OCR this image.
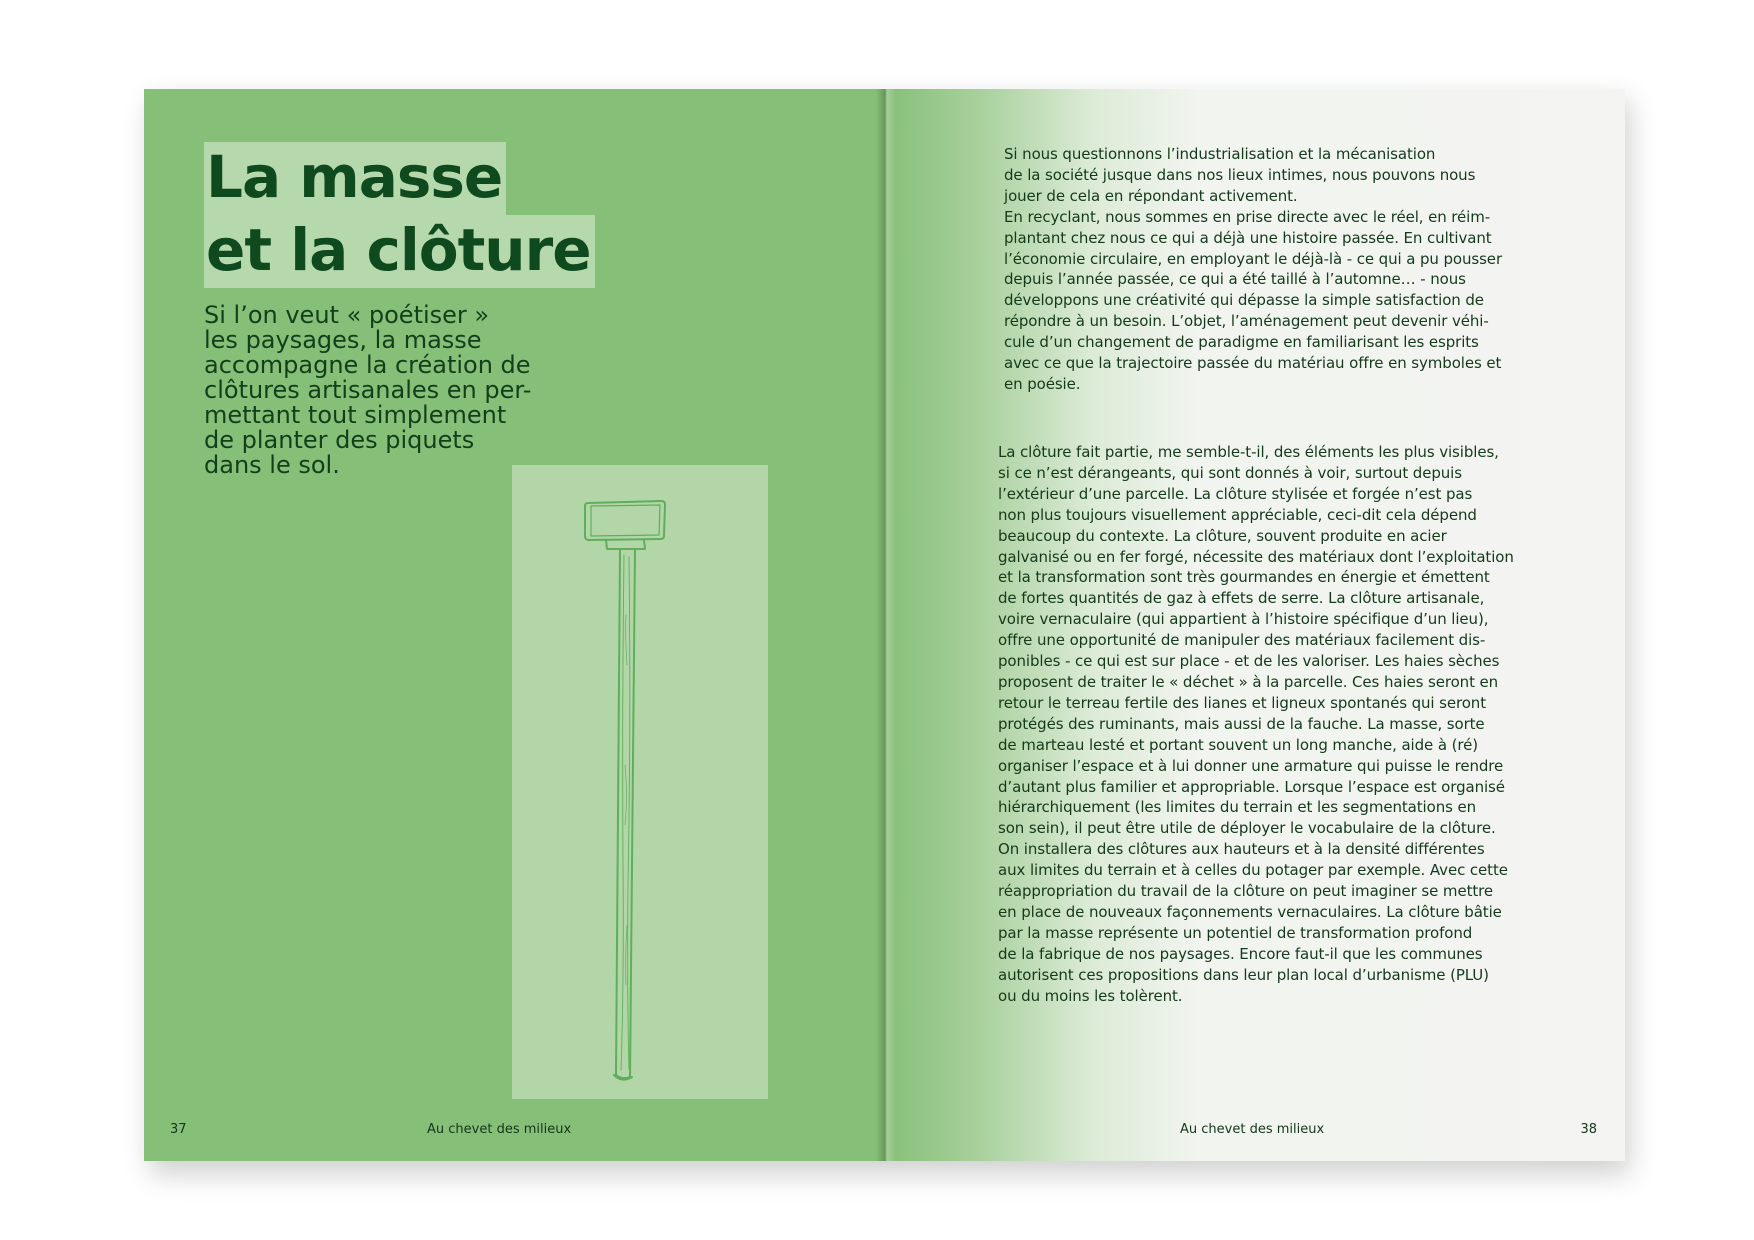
La masse
et la clôture

Si l’on veut « poétiser »
les paysages, la masse
accompagne la création de
clôtures artisanales en per-
mettant tout simplement
de planter des piquets
dans le sol.

37	Au chevet des milieux

Si nous questionnons l’industrialisation et la mécanisation
de la société jusque dans nos lieux intimes, nous pouvons nous
jouer de cela en répondant activement.
En recyclant, nous sommes en prise directe avec le réel, en réim-
plantant chez nous ce qui a déjà une histoire passée. En cultivant
l’économie circulaire, en employant le déjà-là - ce qui a pu pousser
depuis l’année passée, ce qui a été taillé à l’automne… - nous
développons une créativité qui dépasse la simple satisfaction de
répondre à un besoin. L’objet, l’aménagement peut devenir véhi-
cule d’un changement de paradigme en familiarisant les esprits
avec ce que la trajectoire passée du matériau offre en symboles et
en poésie.

La clôture fait partie, me semble-t-il, des éléments les plus visibles,
si ce n’est dérangeants, qui sont donnés à voir, surtout depuis
l’extérieur d’une parcelle. La clôture stylisée et forgée n’est pas
non plus toujours visuellement appréciable, ceci-dit cela dépend
beaucoup du contexte. La clôture, souvent produite en acier
galvanisé ou en fer forgé, nécessite des matériaux dont l’exploitation
et la transformation sont très gourmandes en énergie et émettent
de fortes quantités de gaz à effets de serre. La clôture artisanale,
voire vernaculaire (qui appartient à l’histoire spécifique d’un lieu),
offre une opportunité de manipuler des matériaux facilement dis-
ponibles - ce qui est sur place - et de les valoriser. Les haies sèches
proposent de traiter le « déchet » à la parcelle. Ces haies seront en
retour le terreau fertile des lianes et ligneux spontanés qui seront
protégés des ruminants, mais aussi de la fauche. La masse, sorte
de marteau lesté et portant souvent un long manche, aide à (ré)
organiser l’espace et à lui donner une armature qui puisse le rendre
d’autant plus familier et appropriable. Lorsque l’espace est organisé
hiérarchiquement (les limites du terrain et les segmentations en
son sein), il peut être utile de déployer le vocabulaire de la clôture.
On installera des clôtures aux hauteurs et à la densité différentes
aux limites du terrain et à celles du potager par exemple. Avec cette
réappropriation du travail de la clôture on peut imaginer se mettre
en place de nouveaux façonnements vernaculaires. La clôture bâtie
par la masse représente un potentiel de transformation profond
de la fabrique de nos paysages. Encore faut-il que les communes
autorisent ces propositions dans leur plan local d’urbanisme (PLU)
ou du moins les tolèrent.

Au chevet des milieux	38
